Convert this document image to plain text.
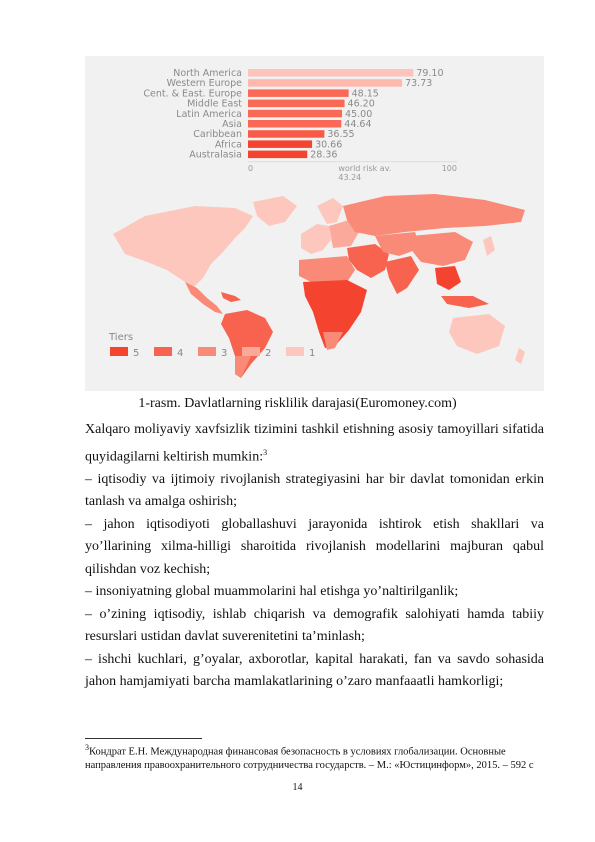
North America	79.10
Western Europe	73.73
Cent. & East. Europe	48.15
Middle East	46.20
Latin America	45.00
Asia	44.64
Caribbean	36.55
Africa	30.66
Australasia	28.36
0	100
world risk av.
43.24
Tiers
5	4	3	2	1
1-rasm. Davlatlarning risklilik darajasi(Euromoney.com)

Xalqaro moliyaviy xavfsizlik tizimini tashkil etishning asosiy tamoyillari sifatida quyidagilarni keltirish mumkin:$^3$

– iqtisodiy va ijtimoiy rivojlanish strategiyasini har bir davlat tomonidan erkin tanlash va amalga oshirish;

– jahon iqtisodiyoti globallashuvi jarayonida ishtirok etish shakllari va yo’llarining xilma-hilligi sharoitida rivojlanish modellarini majburan qabul qilishdan voz kechish;

– insoniyatning global muammolarini hal etishga yo’naltirilganlik;

– o’zining iqtisodiy, ishlab chiqarish va demografik salohiyati hamda tabiiy resurslari ustidan davlat suverenitetini ta’minlash;

– ishchi kuchlari, g’oyalar, axborotlar, kapital harakati, fan va savdo sohasida jahon hamjamiyati barcha mamlakatlarining o’zaro manfaaatli hamkorligi;

$^3$Кондрат Е.Н. Международная финансовая безопасность в условиях глобализации. Основные направления правоохранительного сотрудничества государств. – М.: «Юстицинформ», 2015. – 592 с
14
